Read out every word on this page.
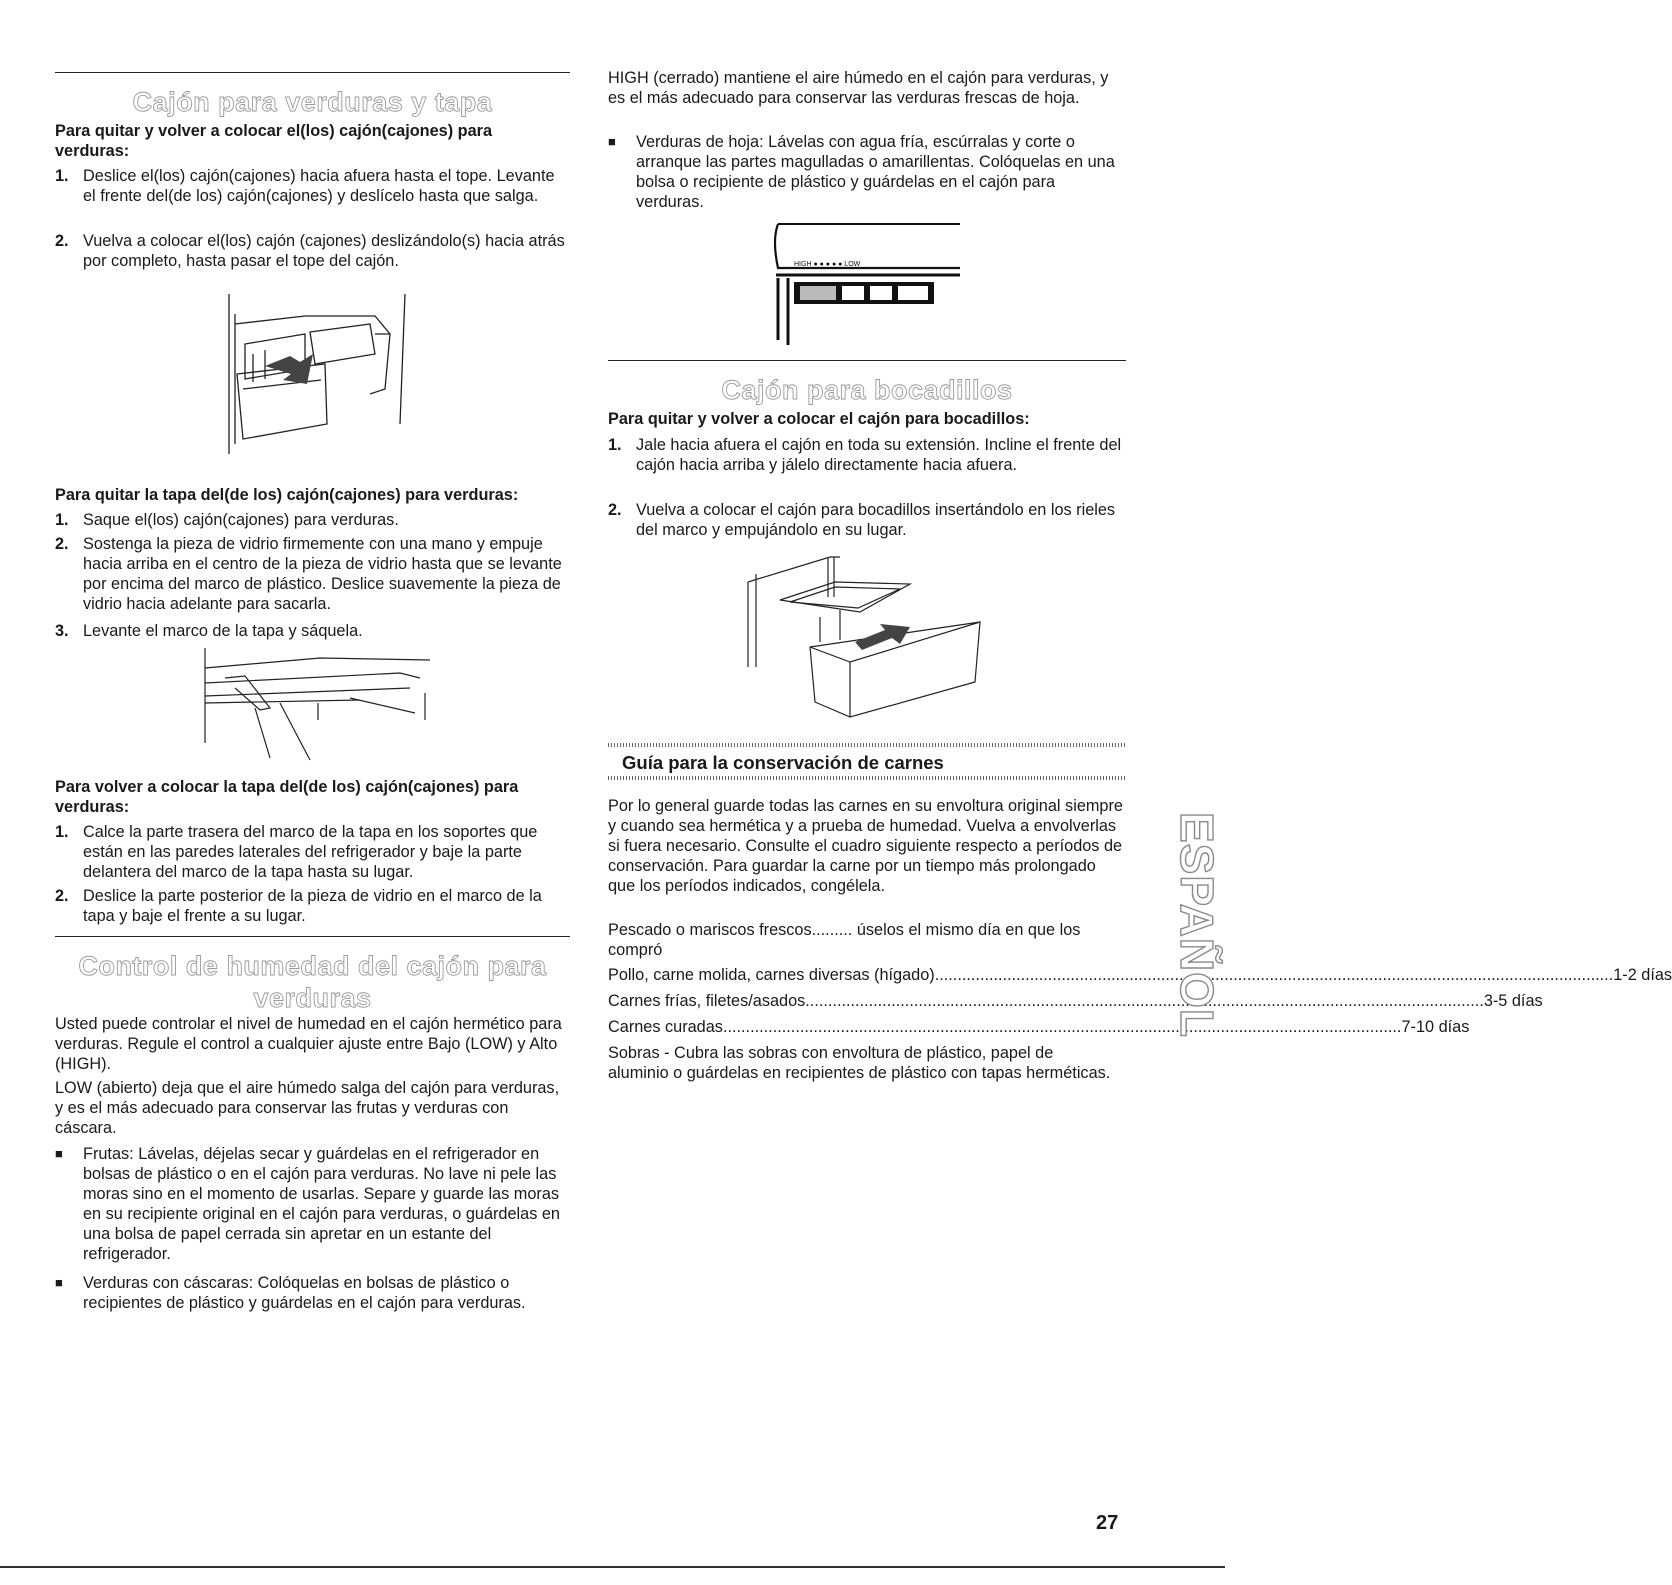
Cajón para verduras y tapa
Para quitar y volver a colocar el(los) cajón(cajones) para verduras:
1. Deslice el(los) cajón(cajones) hacia afuera hasta el tope. Levante el frente del(de los) cajón(cajones) y deslícelo hasta que salga.
2. Vuelva a colocar el(los) cajón (cajones) deslizándolo(s) hacia atrás por completo, hasta pasar el tope del cajón.
Para quitar la tapa del(de los) cajón(cajones) para verduras:
1. Saque el(los) cajón(cajones) para verduras.
2. Sostenga la pieza de vidrio firmemente con una mano y empuje hacia arriba en el centro de la pieza de vidrio hasta que se levante por encima del marco de plástico. Deslice suavemente la pieza de vidrio hacia adelante para sacarla.
3. Levante el marco de la tapa y sáquela.
Para volver a colocar la tapa del(de los) cajón(cajones) para verduras:
1. Calce la parte trasera del marco de la tapa en los soportes que están en las paredes laterales del refrigerador y baje la parte delantera del marco de la tapa hasta su lugar.
2. Deslice la parte posterior de la pieza de vidrio en el marco de la tapa y baje el frente a su lugar.
Control de humedad del cajón para
verduras
Usted puede controlar el nivel de humedad en el cajón hermético para verduras. Regule el control a cualquier ajuste entre Bajo (LOW) y Alto (HIGH).
LOW (abierto) deja que el aire húmedo salga del cajón para verduras, y es el más adecuado para conservar las frutas y verduras con cáscara.
■ Frutas: Lávelas, déjelas secar y guárdelas en el refrigerador en bolsas de plástico o en el cajón para verduras. No lave ni pele las moras sino en el momento de usarlas. Separe y guarde las moras en su recipiente original en el cajón para verduras, o guárdelas en una bolsa de papel cerrada sin apretar en un estante del refrigerador.
■ Verduras con cáscaras: Colóquelas en bolsas de plástico o recipientes de plástico y guárdelas en el cajón para verduras.
HIGH (cerrado) mantiene el aire húmedo en el cajón para verduras, y es el más adecuado para conservar las verduras frescas de hoja.
■ Verduras de hoja: Lávelas con agua fría, escúrralas y corte o arranque las partes magulladas o amarillentas. Colóquelas en una bolsa o recipiente de plástico y guárdelas en el cajón para verduras.
HIGH ● ● ● ● ● LOW
Cajón para bocadillos
Para quitar y volver a colocar el cajón para bocadillos:
1. Jale hacia afuera el cajón en toda su extensión. Incline el frente del cajón hacia arriba y jálelo directamente hacia afuera.
2. Vuelva a colocar el cajón para bocadillos insertándolo en los rieles del marco y empujándolo en su lugar.
Guía para la conservación de carnes
Por lo general guarde todas las carnes en su envoltura original siempre y cuando sea hermética y a prueba de humedad. Vuelva a envolverlas si fuera necesario. Consulte el cuadro siguiente respecto a períodos de conservación. Para guardar la carne por un tiempo más prolongado que los períodos indicados, congélela.
Pescado o mariscos frescos......... úselos el mismo día en que los compró
Pollo, carne molida, carnes diversas (hígado) .....	1-2 días
Carnes frías, filetes/asados .....	3-5 días
Carnes curadas .....	7-10 días
Sobras - Cubra las sobras con envoltura de plástico, papel de aluminio o guárdelas en recipientes de plástico con tapas herméticas.
ESPAÑOL
27
